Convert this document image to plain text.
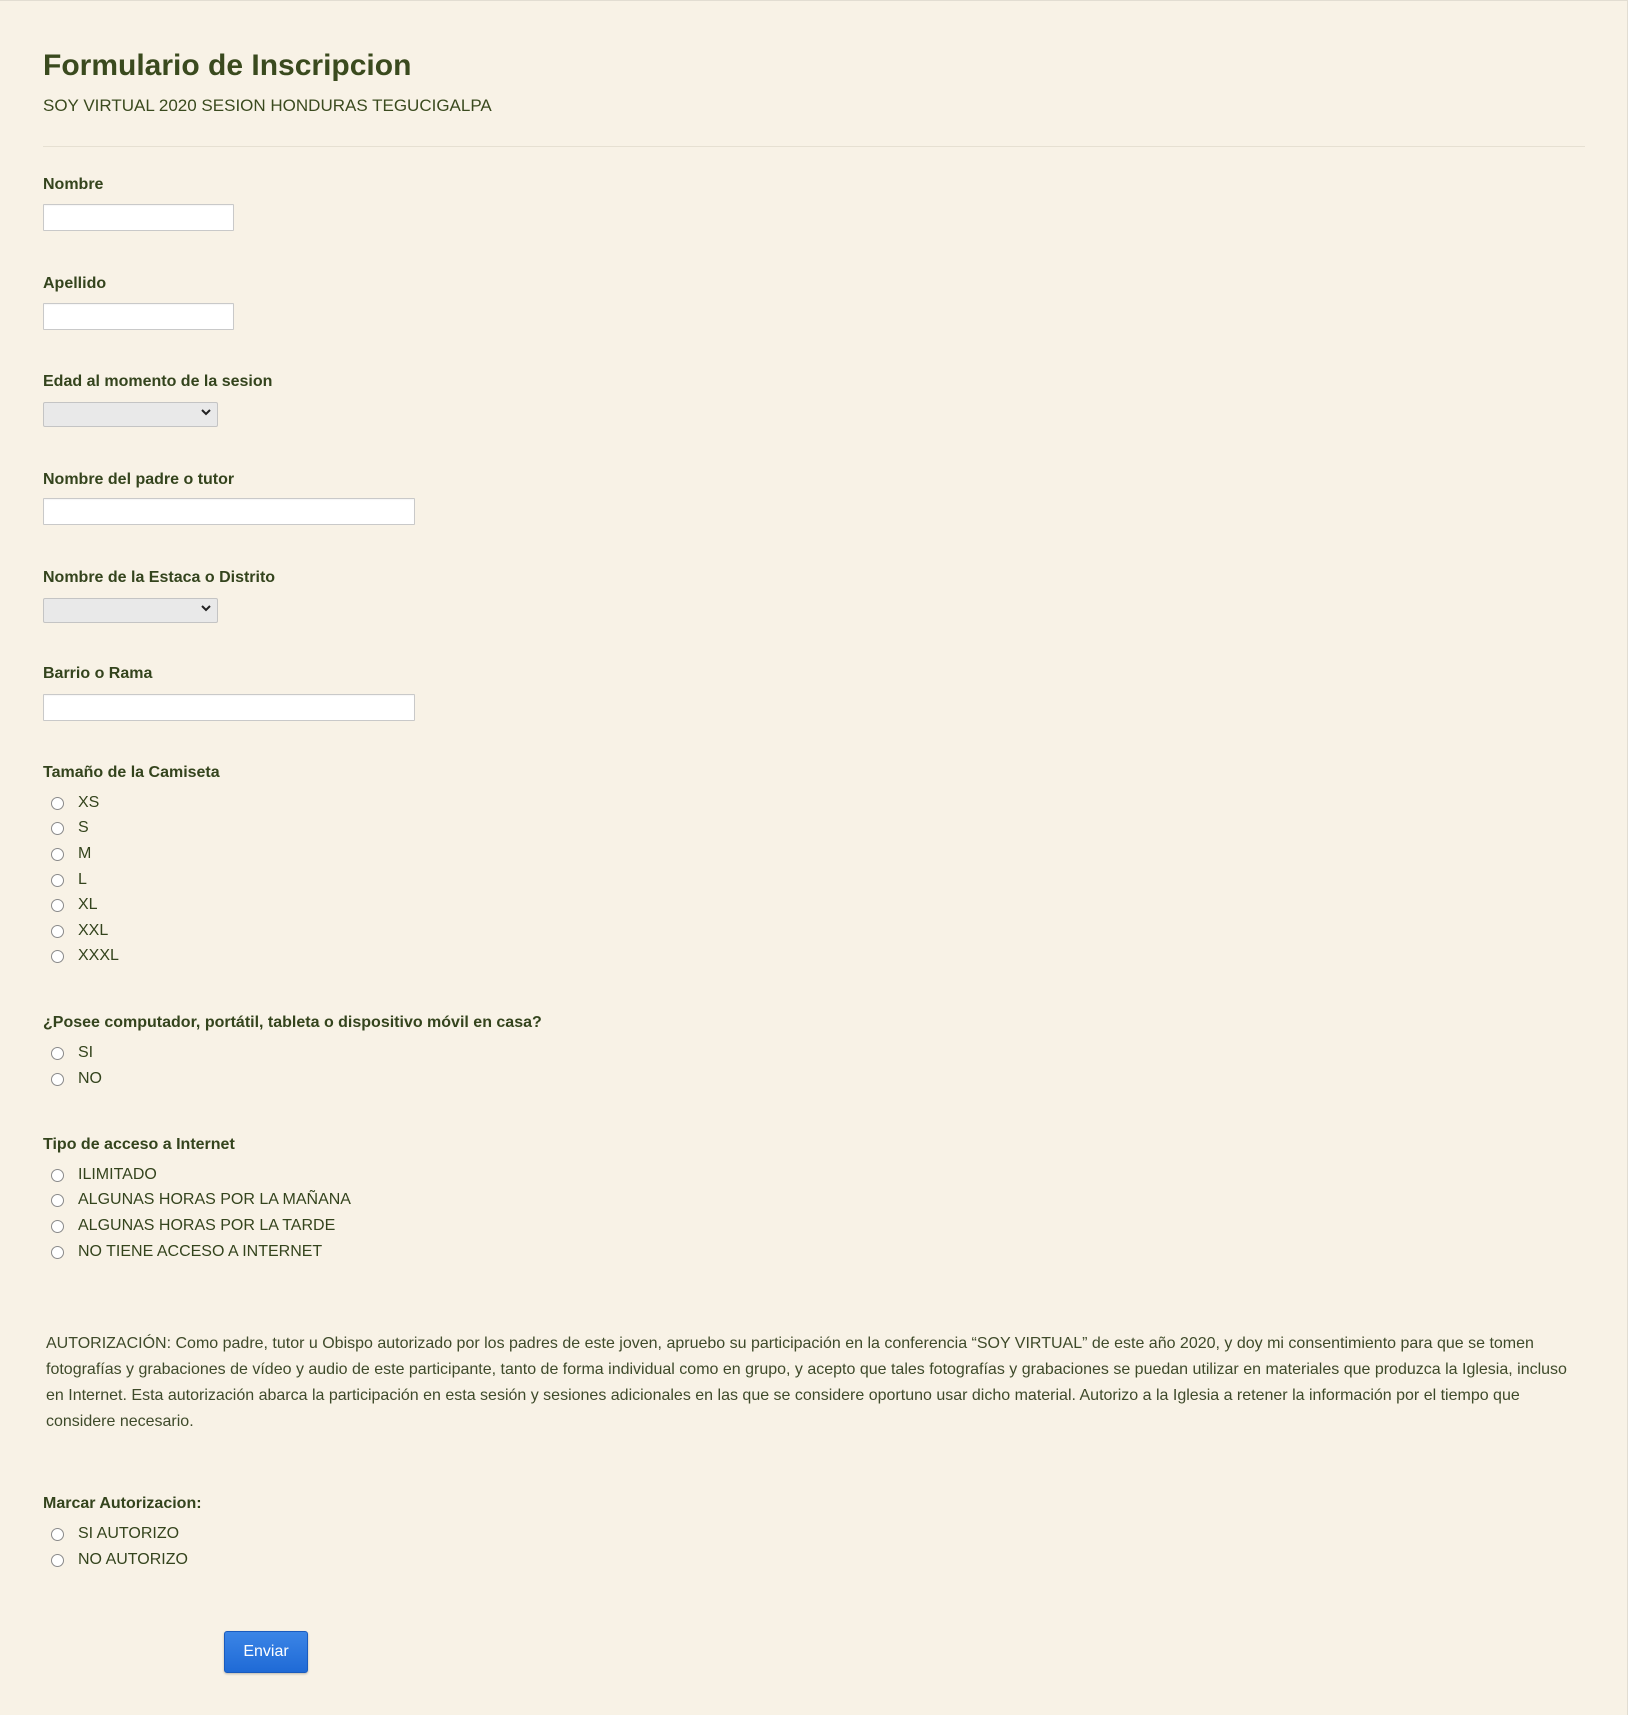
Formulario de Inscripcion
SOY VIRTUAL 2020 SESION HONDURAS TEGUCIGALPA
Nombre
Apellido
Edad al momento de la sesion
Nombre del padre o tutor
Nombre de la Estaca o Distrito
Barrio o Rama
Tamaño de la Camiseta
XS
S
M
L
XL
XXL
XXXL
¿Posee computador, portátil, tableta o dispositivo móvil en casa?
SI
NO
Tipo de acceso a Internet
ILIMITADO
ALGUNAS HORAS POR LA MAÑANA
ALGUNAS HORAS POR LA TARDE
NO TIENE ACCESO A INTERNET
AUTORIZACIÓN: Como padre, tutor u Obispo autorizado por los padres de este joven, apruebo su participación en la conferencia “SOY VIRTUAL” de este año 2020, y doy mi consentimiento para que se tomen fotografías y grabaciones de vídeo y audio de este participante, tanto de forma individual como en grupo, y acepto que tales fotografías y grabaciones se puedan utilizar en materiales que produzca la Iglesia, incluso en Internet. Esta autorización abarca la participación en esta sesión y sesiones adicionales en las que se considere oportuno usar dicho material. Autorizo a la Iglesia a retener la información por el tiempo que considere necesario.
Marcar Autorizacion:
SI AUTORIZO
NO AUTORIZO
Enviar
